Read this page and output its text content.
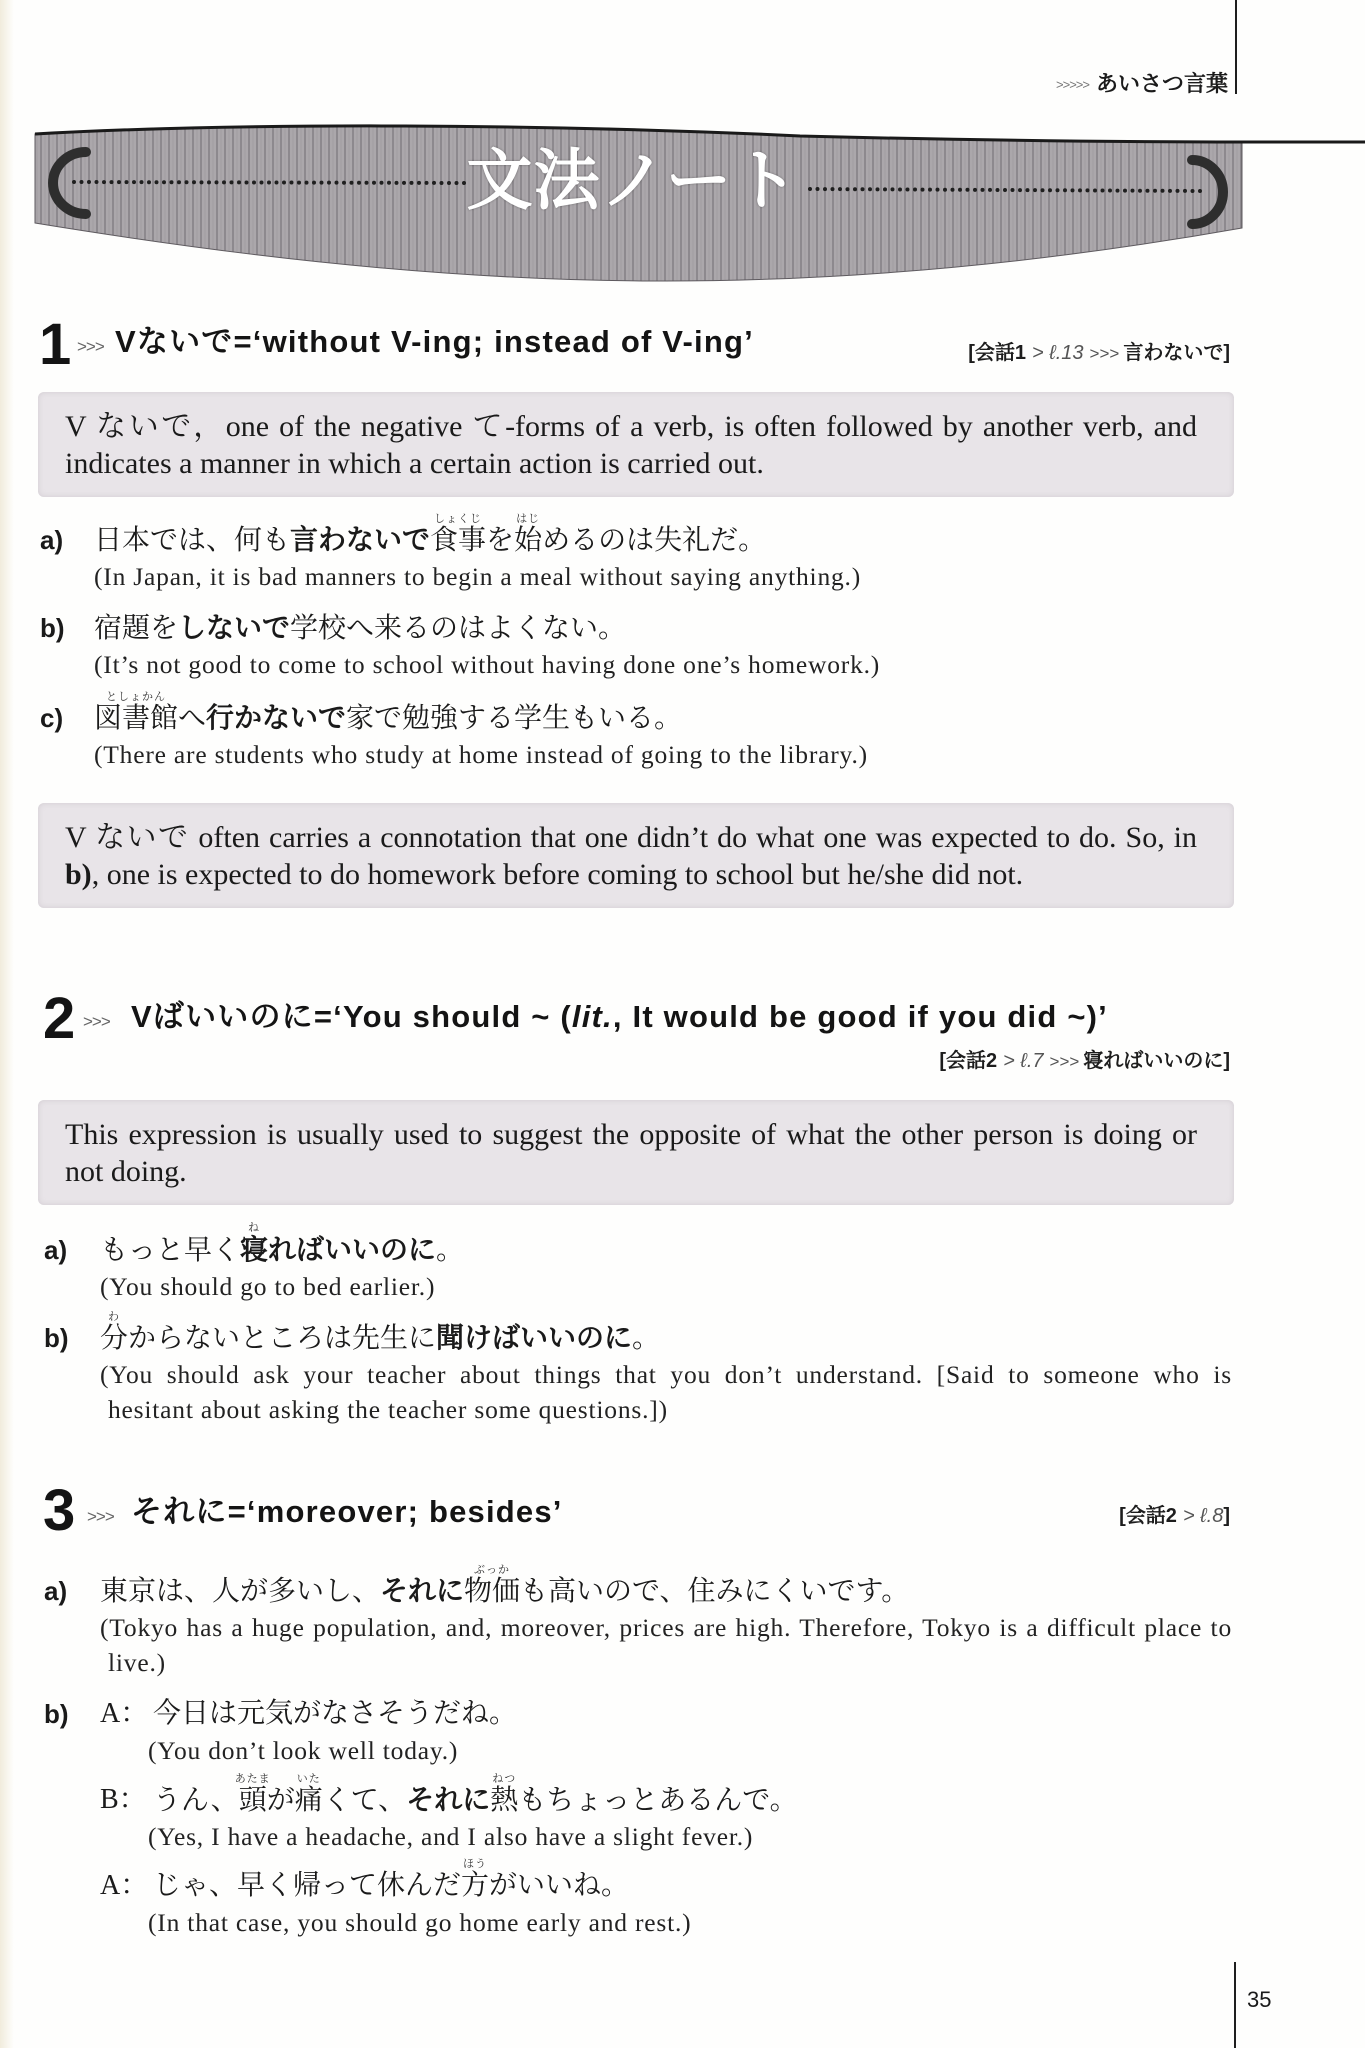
>>>>> あいさつ言葉
文法ノート
1 >>> Vないで=‘without V-ing; instead of V-ing’	[会話1 > ℓ.13 >>> 言わないで]
V ないで，one of the negative て-forms of a verb, is often followed by another verb, and
indicates a manner in which a certain action is carried out.
a)	日本では、何も言わないで食事
しょくじ
を始
はじ
めるのは失礼だ。
(In Japan, it is bad manners to begin a meal without saying anything.)
b)	宿題をしないで学校へ来るのはよくない。
(It’s not good to come to school without having done one’s homework.)
c)	図書館
としょかん
へ行かないで家で勉強する学生もいる。
(There are students who study at home instead of going to the library.)
V ないで often carries a connotation that one didn’t do what one was expected to do. So, in
b), one is expected to do homework before coming to school but he/she did not.
2 >>> Vばいいのに=‘You should ~ (lit., It would be good if you did ~)’
[会話2 > ℓ.7 >>> 寝ればいいのに]
This expression is usually used to suggest the opposite of what the other person is doing or
not doing.
a)	もっと早く寝
ね
ればいいのに。
(You should go to bed earlier.)
b)	分
わ
からないところは先生に聞けばいいのに。
(You should ask your teacher about things that you don’t understand. [Said to someone who is
hesitant about asking the teacher some questions.])
3 >>> それに=‘moreover; besides’	[会話2 > ℓ.8]
a)	東京は、人が多いし、それに物価
ぶっか
も高いので、住みにくいです。
(Tokyo has a huge population, and, moreover, prices are high. Therefore, Tokyo is a difficult place to
live.)
b)	A： 今日は元気がなさそうだね。
(You don’t look well today.)
B： うん、頭
あたま
が痛
いた
くて、それに熱
ねつ
もちょっとあるんで。
(Yes, I have a headache, and I also have a slight fever.)
A： じゃ、早く帰って休んだ方
ほう
がいいね。
(In that case, you should go home early and rest.)
35
